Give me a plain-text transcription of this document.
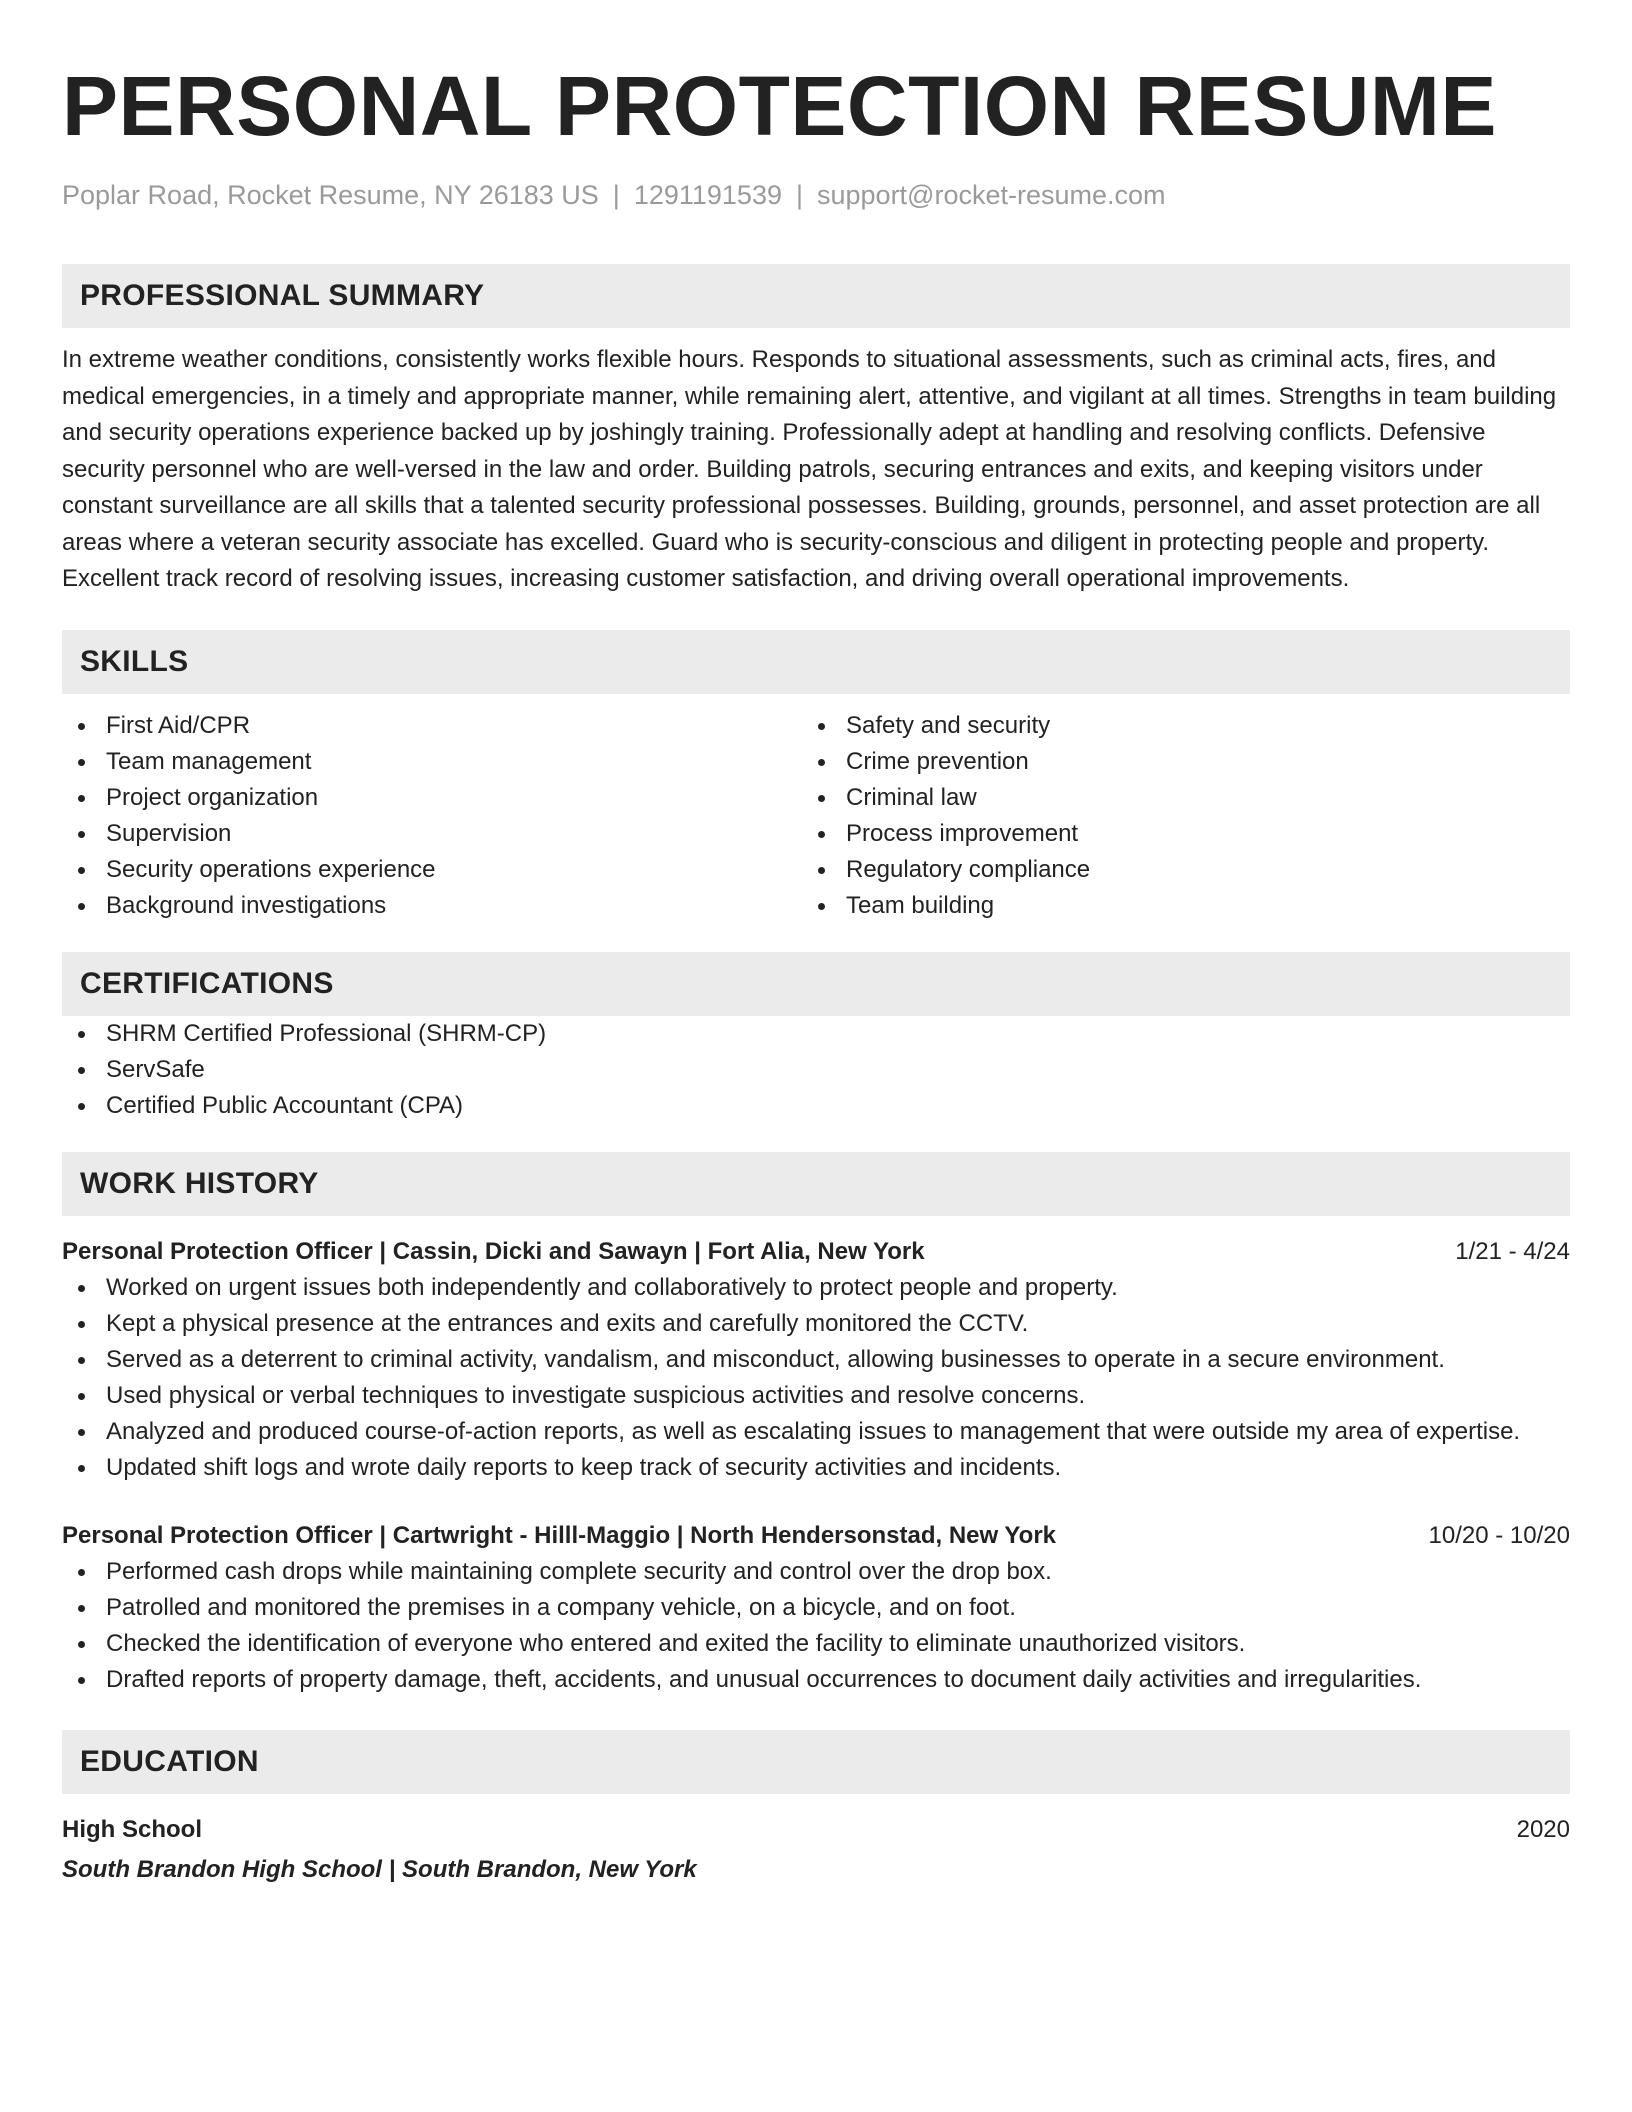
PERSONAL PROTECTION RESUME
Poplar Road, Rocket Resume, NY 26183 US | 1291191539 | support@rocket-resume.com
PROFESSIONAL SUMMARY
In extreme weather conditions, consistently works flexible hours. Responds to situational assessments, such as criminal acts, fires, and medical emergencies, in a timely and appropriate manner, while remaining alert, attentive, and vigilant at all times. Strengths in team building and security operations experience backed up by joshingly training. Professionally adept at handling and resolving conflicts. Defensive security personnel who are well-versed in the law and order. Building patrols, securing entrances and exits, and keeping visitors under constant surveillance are all skills that a talented security professional possesses. Building, grounds, personnel, and asset protection are all areas where a veteran security associate has excelled. Guard who is security-conscious and diligent in protecting people and property. Excellent track record of resolving issues, increasing customer satisfaction, and driving overall operational improvements.
SKILLS
First Aid/CPR
Team management
Project organization
Supervision
Security operations experience
Background investigations
Safety and security
Crime prevention
Criminal law
Process improvement
Regulatory compliance
Team building
CERTIFICATIONS
SHRM Certified Professional (SHRM-CP)
ServSafe
Certified Public Accountant (CPA)
WORK HISTORY
Personal Protection Officer | Cassin, Dicki and Sawayn | Fort Alia, New York	1/21 - 4/24
Worked on urgent issues both independently and collaboratively to protect people and property.
Kept a physical presence at the entrances and exits and carefully monitored the CCTV.
Served as a deterrent to criminal activity, vandalism, and misconduct, allowing businesses to operate in a secure environment.
Used physical or verbal techniques to investigate suspicious activities and resolve concerns.
Analyzed and produced course-of-action reports, as well as escalating issues to management that were outside my area of expertise.
Updated shift logs and wrote daily reports to keep track of security activities and incidents.
Personal Protection Officer | Cartwright - Hilll-Maggio | North Hendersonstad, New York	10/20 - 10/20
Performed cash drops while maintaining complete security and control over the drop box.
Patrolled and monitored the premises in a company vehicle, on a bicycle, and on foot.
Checked the identification of everyone who entered and exited the facility to eliminate unauthorized visitors.
Drafted reports of property damage, theft, accidents, and unusual occurrences to document daily activities and irregularities.
EDUCATION
High School	2020
South Brandon High School | South Brandon, New York
